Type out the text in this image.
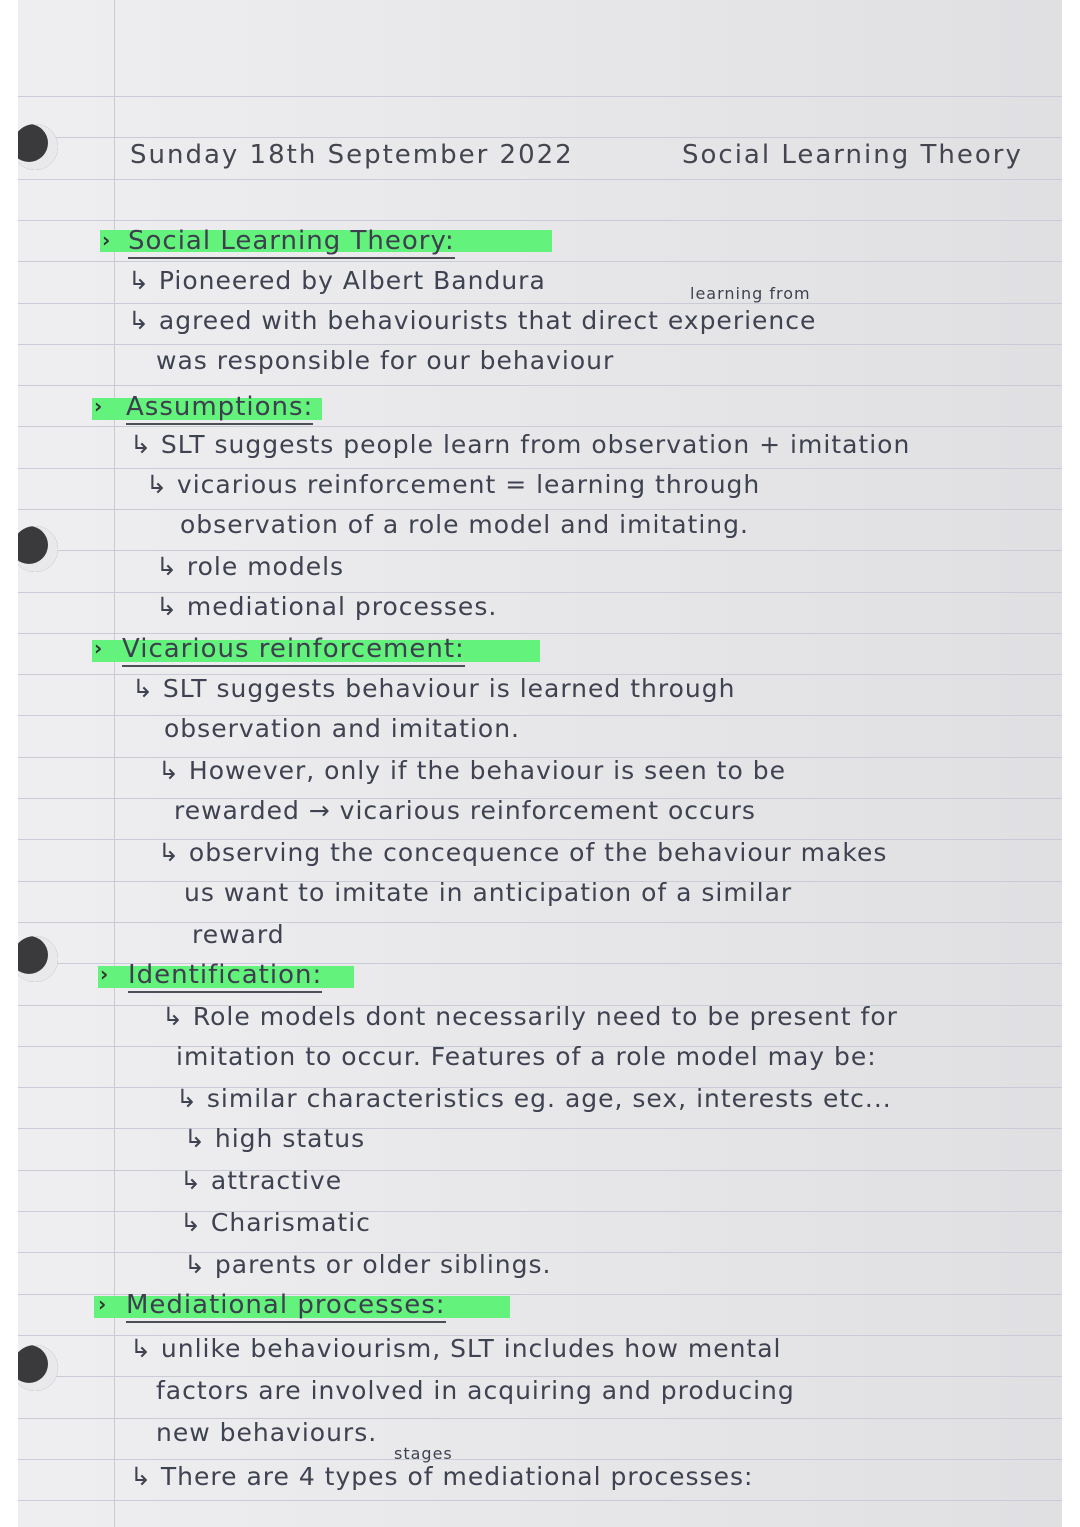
Sunday 18th September 2022	Social Learning Theory
› Social Learning Theory:
↳ Pioneered by Albert Bandura	learning from
↳ agreed with behaviourists that direct experience
was responsible for our behaviour
› Assumptions:
↳ SLT suggests people learn from observation + imitation
↳ vicarious reinforcement = learning through
observation of a role model and imitating.
↳ role models
↳ mediational processes.
› Vicarious reinforcement:
↳ SLT suggests behaviour is learned through
observation and imitation.
↳ However, only if the behaviour is seen to be
rewarded → vicarious reinforcement occurs
↳ observing the concequence of the behaviour makes
us want to imitate in anticipation of a similar
reward
› Identification:
↳ Role models dont necessarily need to be present for
imitation to occur. Features of a role model may be:
↳ similar characteristics eg. age, sex, interests etc...
↳ high status
↳ attractive
↳ Charismatic
↳ parents or older siblings.
› Mediational processes:
↳ unlike behaviourism, SLT includes how mental
factors are involved in acquiring and producing
new behaviours.
stages
↳ There are 4 types of mediational processes:
